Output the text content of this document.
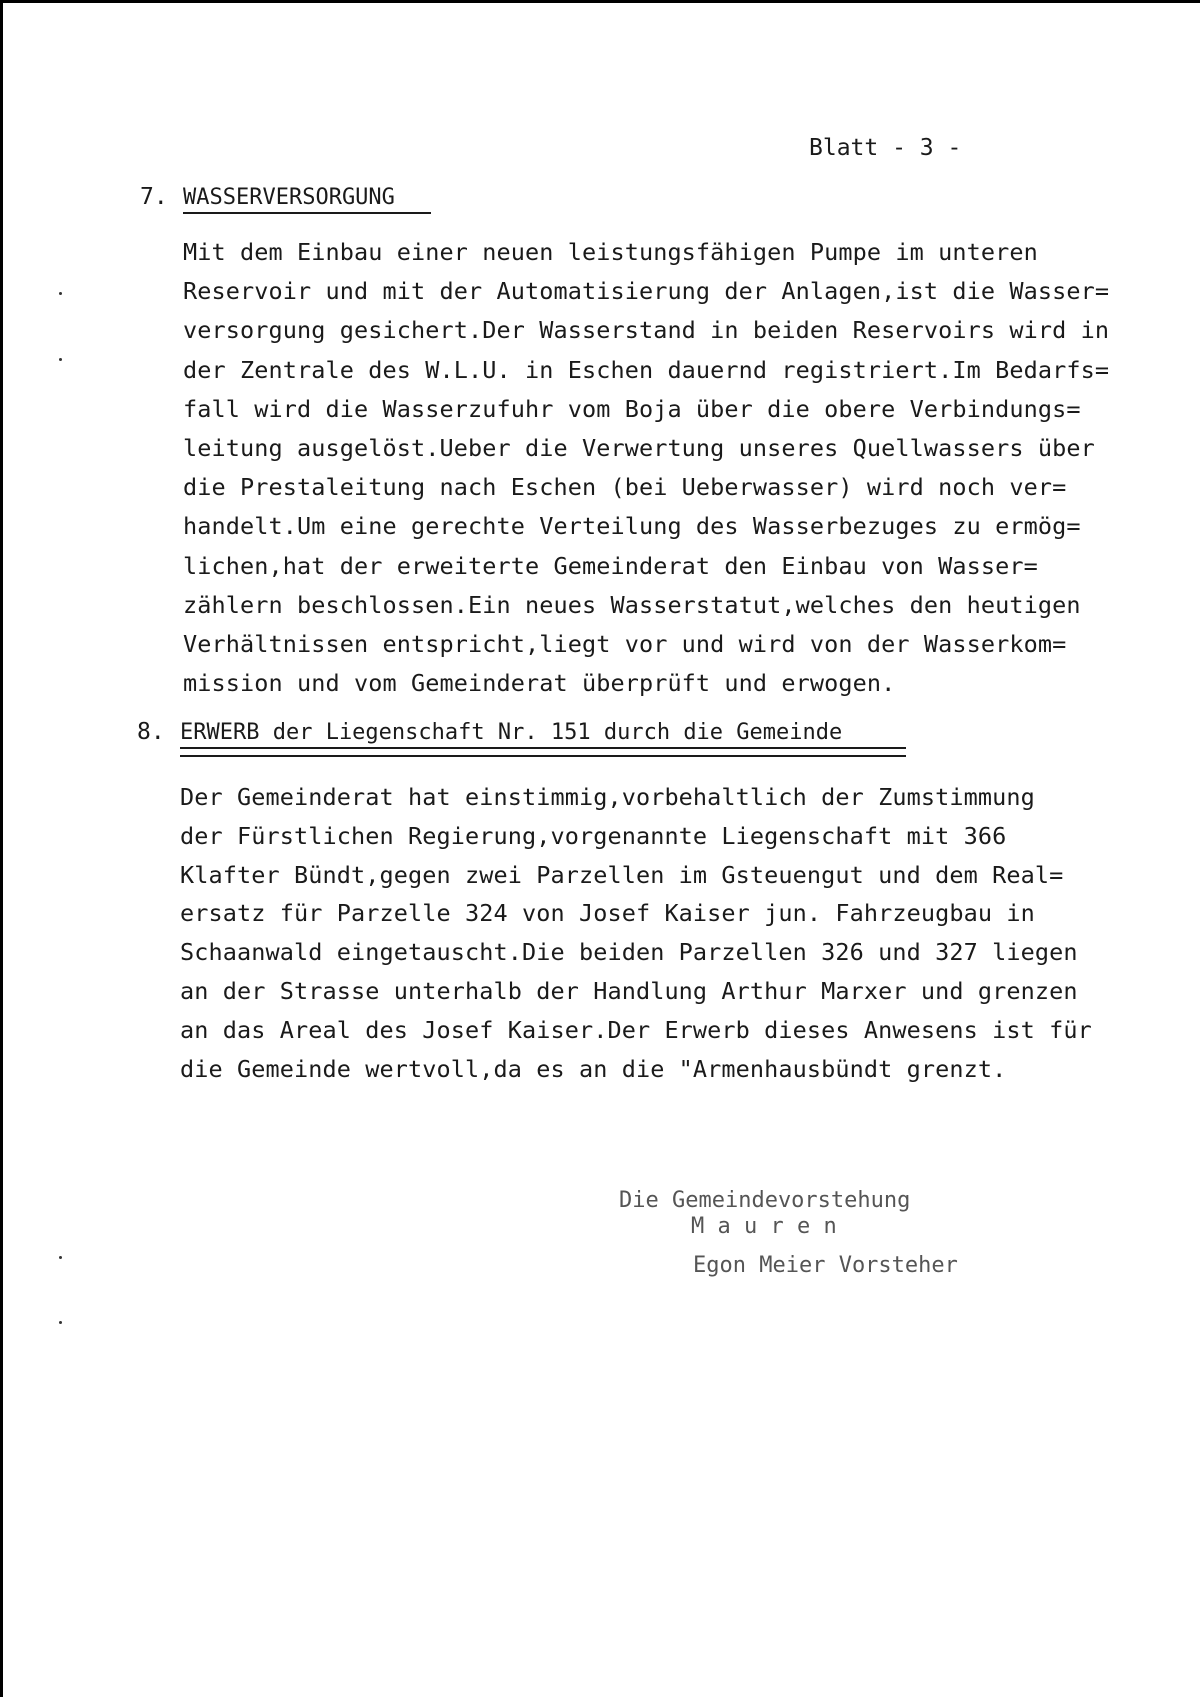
Blatt - 3 -
7. WASSERVERSORGUNG
Mit dem Einbau einer neuen leistungsfähigen Pumpe im unteren
Reservoir und mit der Automatisierung der Anlagen,ist die Wasser=
versorgung gesichert.Der Wasserstand in beiden Reservoirs wird in
der Zentrale des W.L.U. in Eschen dauernd registriert.Im Bedarfs=
fall wird die Wasserzufuhr vom Boja über die obere Verbindungs=
leitung ausgelöst.Ueber die Verwertung unseres Quellwassers über
die Prestaleitung nach Eschen (bei Ueberwasser) wird noch ver=
handelt.Um eine gerechte Verteilung des Wasserbezuges zu ermög=
lichen,hat der erweiterte Gemeinderat den Einbau von Wasser=
zählern beschlossen.Ein neues Wasserstatut,welches den heutigen
Verhältnissen entspricht,liegt vor und wird von der Wasserkom=
mission und vom Gemeinderat überprüft und erwogen.
8. ERWERB der Liegenschaft Nr. 151 durch die Gemeinde
Der Gemeinderat hat einstimmig,vorbehaltlich der Zumstimmung
der Fürstlichen Regierung,vorgenannte Liegenschaft mit 366
Klafter Bündt,gegen zwei Parzellen im Gsteuengut und dem Real=
ersatz für Parzelle 324 von Josef Kaiser jun. Fahrzeugbau in
Schaanwald eingetauscht.Die beiden Parzellen 326 und 327 liegen
an der Strasse unterhalb der Handlung Arthur Marxer und grenzen
an das Areal des Josef Kaiser.Der Erwerb dieses Anwesens ist für
die Gemeinde wertvoll,da es an die "Armenhausbündt grenzt.
Die Gemeindevorstehung
M a u r e n
Egon Meier Vorsteher
